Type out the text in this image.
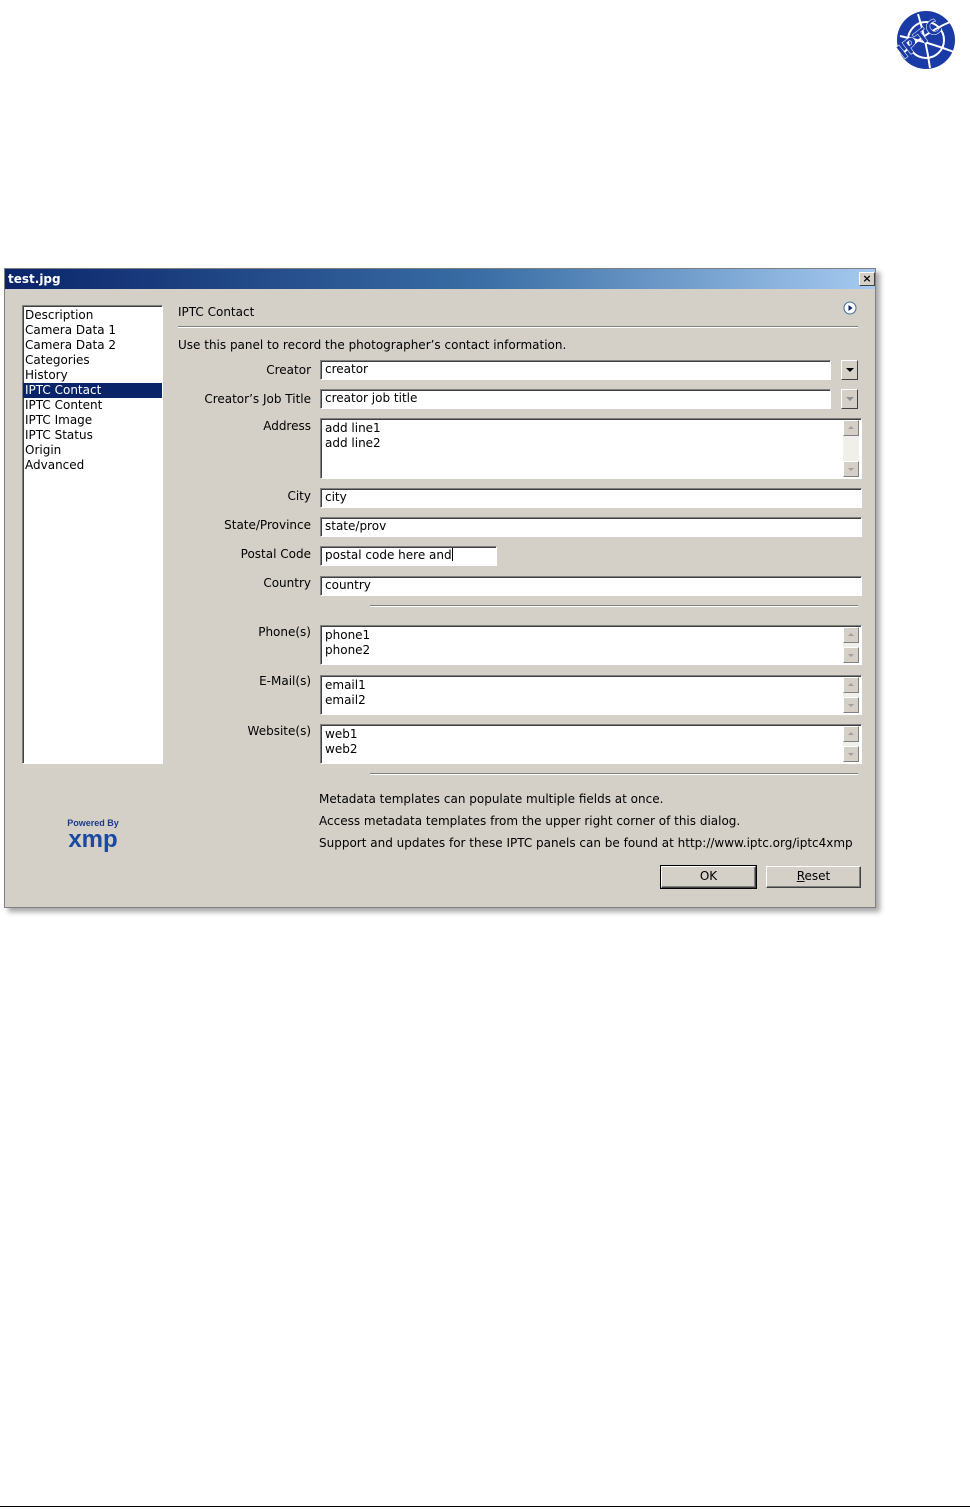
IPTC
test.jpg	×
Description
Camera Data 1
Camera Data 2
Categories
History
IPTC Contact
IPTC Content
IPTC Image
IPTC Status
Origin
Advanced
IPTC Contact
Use this panel to record the photographer’s contact information.
Creator	creator
Creator’s Job Title	creator job title
Address	add line1
add line2
City	city
State/Province	state/prov
Postal Code	postal code here and
Country	country
Phone(s)	phone1
phone2
E-Mail(s)	email1
email2
Website(s)	web1
web2
Powered By
xmp
Metadata templates can populate multiple fields at once.
Access metadata templates from the upper right corner of this dialog.
Support and updates for these IPTC panels can be found at http://www.iptc.org/iptc4xmp
OK	Reset
